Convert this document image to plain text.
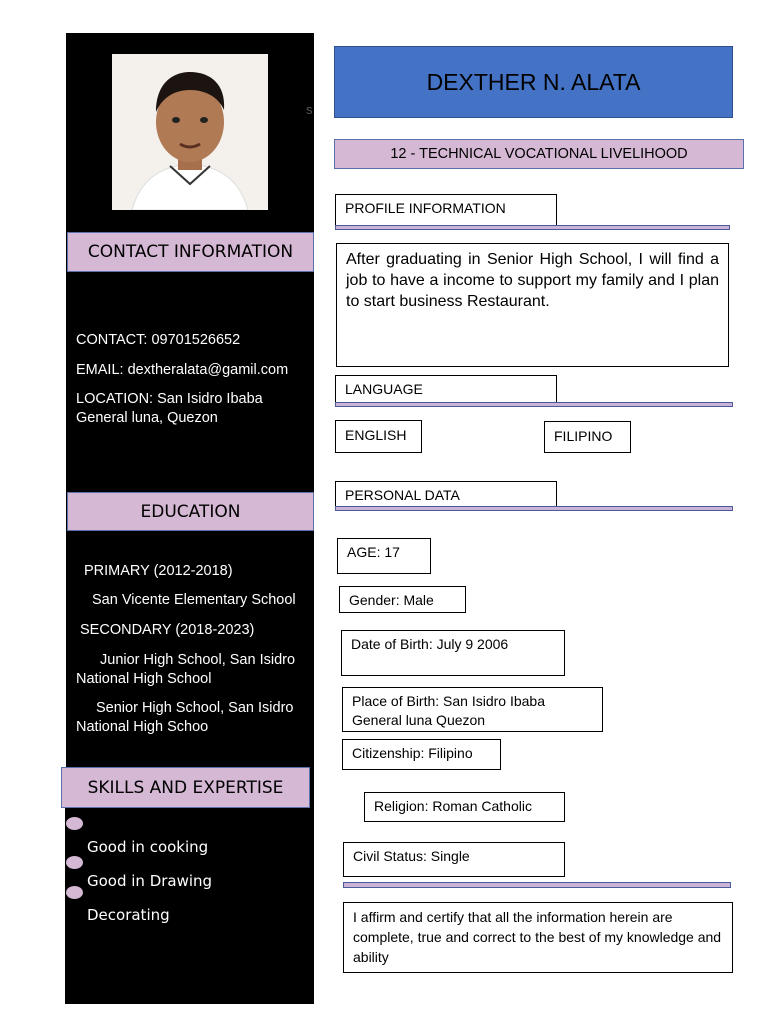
s
CONTACT INFORMATION
CONTACT: 09701526652
EMAIL: dextheralata@gamil.com
LOCATION: San Isidro Ibaba General luna, Quezon
EDUCATION
PRIMARY (2012-2018)
San Vicente Elementary School
SECONDARY (2018-2023)
Junior High School, San Isidro National High School
Senior High School, San Isidro National High Schoo
SKILLS AND EXPERTISE
Good in cooking
Good in Drawing
Decorating
DEXTHER N. ALATA
12 - TECHNICAL VOCATIONAL LIVELIHOOD
PROFILE INFORMATION
After graduating in Senior High School, I will find a job to have a income to support my family and I plan to start business Restaurant.
LANGUAGE
ENGLISH	FILIPINO
PERSONAL DATA
AGE: 17
Gender: Male
Date of Birth: July 9 2006
Place of Birth: San Isidro Ibaba General luna Quezon
Citizenship: Filipino
Religion: Roman Catholic
Civil Status: Single
I affirm and certify that all the information herein are complete, true and correct to the best of my knowledge and ability
